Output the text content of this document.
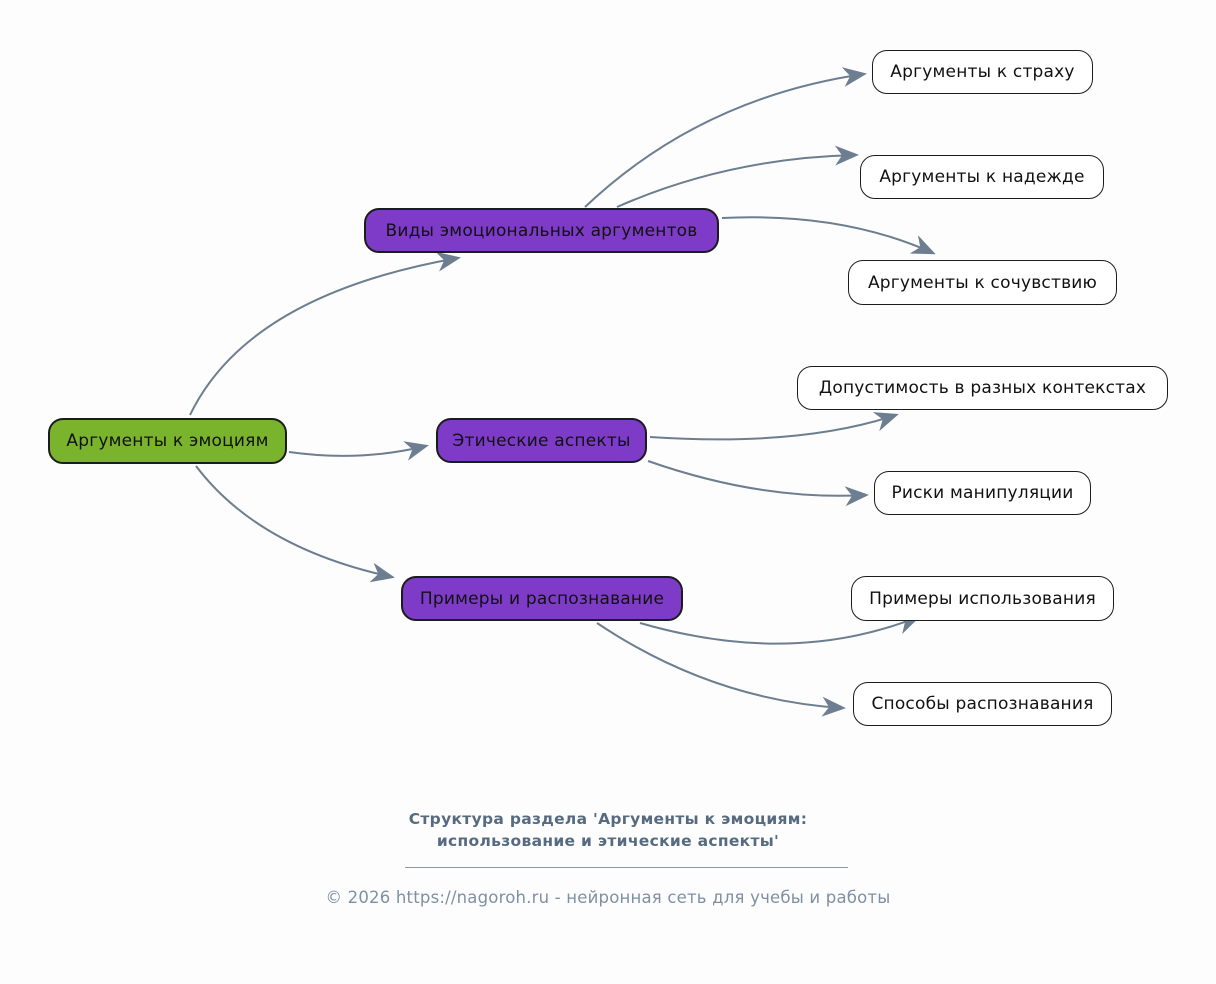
Аргументы к эмоциям
Виды эмоциональных аргументов
Этические аспекты
Примеры и распознавание
Аргументы к страху
Аргументы к надежде
Аргументы к сочувствию
Допустимость в разных контекстах
Риски манипуляции
Примеры использования
Способы распознавания
Структура раздела 'Аргументы к эмоциям:
использование и этические аспекты'
© 2026 https://nagoroh.ru - нейронная сеть для учебы и работы
